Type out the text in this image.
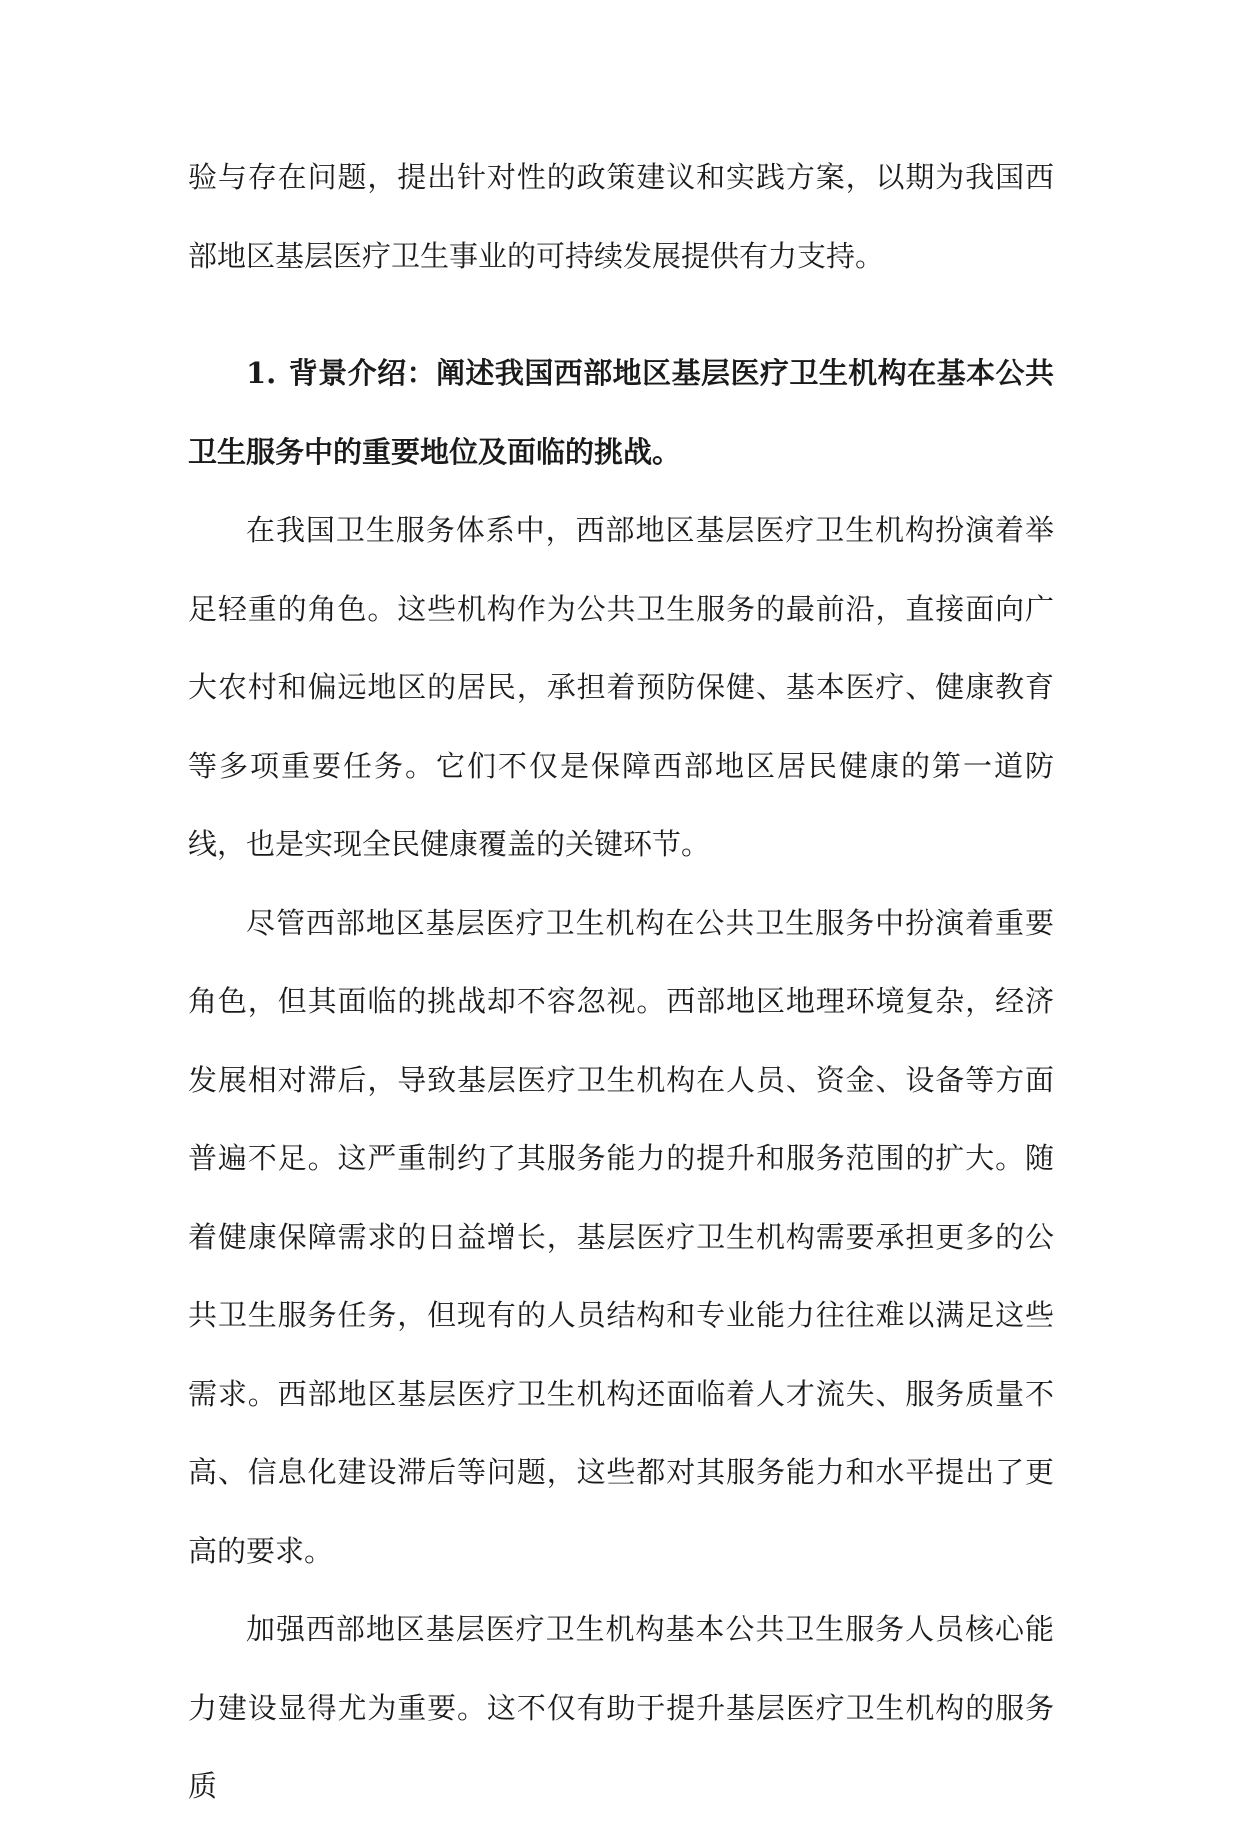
验与存在问题，提出针对性的政策建议和实践方案，以期为我国西部地区基层医疗卫生事业的可持续发展提供有力支持。

1. 背景介绍：阐述我国西部地区基层医疗卫生机构在基本公共卫生服务中的重要地位及面临的挑战。

在我国卫生服务体系中，西部地区基层医疗卫生机构扮演着举足轻重的角色。这些机构作为公共卫生服务的最前沿，直接面向广大农村和偏远地区的居民，承担着预防保健、基本医疗、健康教育等多项重要任务。它们不仅是保障西部地区居民健康的第一道防线，也是实现全民健康覆盖的关键环节。

尽管西部地区基层医疗卫生机构在公共卫生服务中扮演着重要角色，但其面临的挑战却不容忽视。西部地区地理环境复杂，经济发展相对滞后，导致基层医疗卫生机构在人员、资金、设备等方面普遍不足。这严重制约了其服务能力的提升和服务范围的扩大。随着健康保障需求的日益增长，基层医疗卫生机构需要承担更多的公共卫生服务任务，但现有的人员结构和专业能力往往难以满足这些需求。西部地区基层医疗卫生机构还面临着人才流失、服务质量不高、信息化建设滞后等问题，这些都对其服务能力和水平提出了更高的要求。

加强西部地区基层医疗卫生机构基本公共卫生服务人员核心能力建设显得尤为重要。这不仅有助于提升基层医疗卫生机构的服务质
